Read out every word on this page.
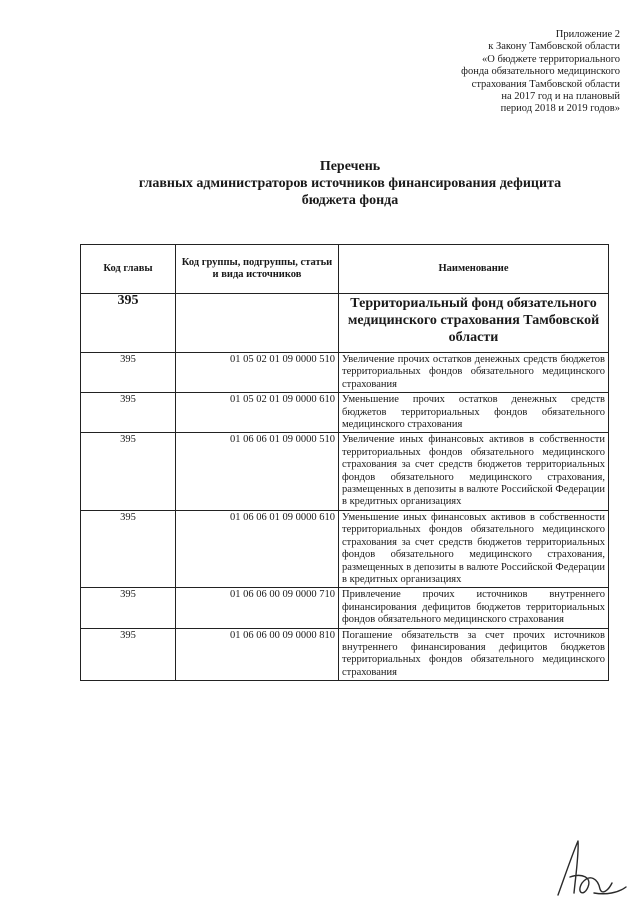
Приложение 2
к Закону Тамбовской области
«О бюджете территориального
фонда обязательного медицинского
страхования Тамбовской области
на 2017 год и на плановый
период 2018 и 2019 годов»
Перечень
главных администраторов источников финансирования дефицита
бюджета фонда
Код главы	Код группы, подгруппы, статьи и вида источников	Наименование
395		Территориальный фонд обязательного медицинского страхования Тамбовской области
395	01 05 02 01 09 0000 510	Увеличение прочих остатков денежных средств бюджетов территориальных фондов обязательного медицинского страхования
395	01 05 02 01 09 0000 610	Уменьшение прочих остатков денежных средств бюджетов территориальных фондов обязательного медицинского страхования
395	01 06 06 01 09 0000 510	Увеличение иных финансовых активов в собственности территориальных фондов обязательного медицинского страхования за счет средств бюджетов территориальных фондов обязательного медицинского страхования, размещенных в депозиты в валюте Российской Федерации в кредитных организациях
395	01 06 06 01 09 0000 610	Уменьшение иных финансовых активов в собственности территориальных фондов обязательного медицинского страхования за счет средств бюджетов территориальных фондов обязательного медицинского страхования, размещенных в депозиты в валюте Российской Федерации в кредитных организациях
395	01 06 06 00 09 0000 710	Привлечение прочих источников внутреннего финансирования дефицитов бюджетов территориальных фондов обязательного медицинского страхования
395	01 06 06 00 09 0000 810	Погашение обязательств за счет прочих источников внутреннего финансирования дефицитов бюджетов территориальных фондов обязательного медицинского страхования
